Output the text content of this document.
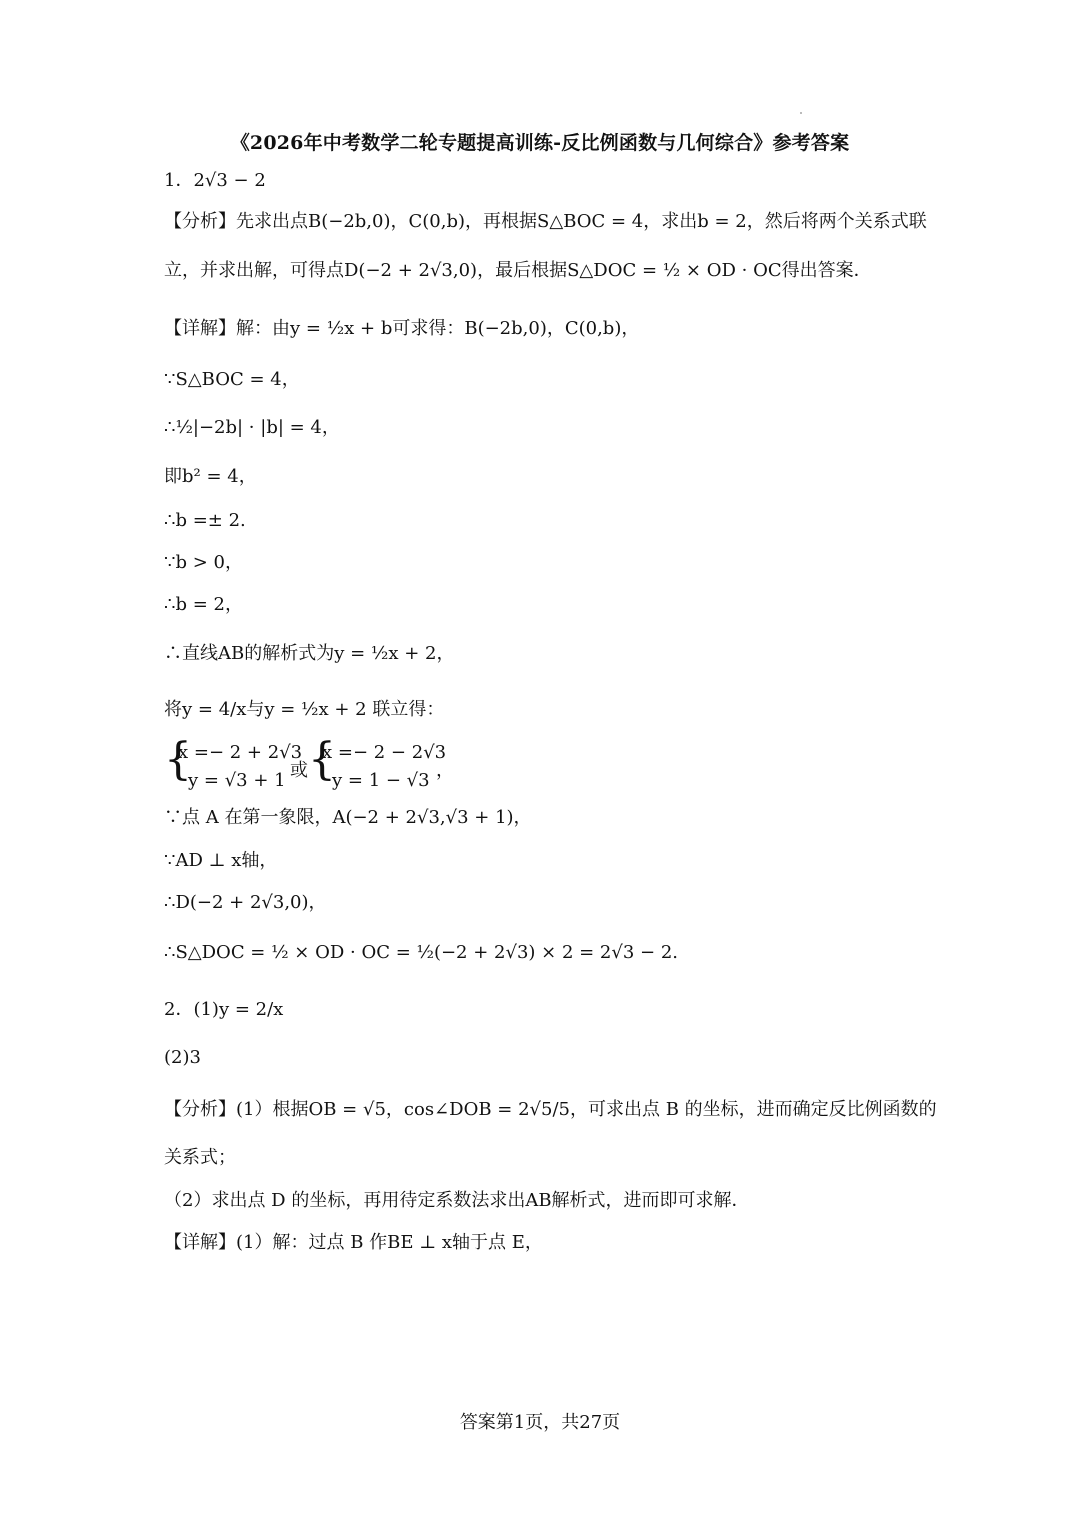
《2026年中考数学二轮专题提高训练-反比例函数与几何综合》参考答案
1．2√3 − 2
【分析】先求出点B(−2b,0)，C(0,b)，再根据S△BOC = 4，求出b = 2，然后将两个关系式联
立，并求出解，可得点D(−2 + 2√3,0)，最后根据S△DOC = ½ × OD · OC得出答案．
【详解】解：由y = ½x + b可求得：B(−2b,0)，C(0,b)，
∵S△BOC = 4，
∴½|−2b| · |b| = 4，
即b² = 4，
∴b =± 2.
∵b > 0，
∴b = 2，
∴直线AB的解析式为y = ½x + 2，
将y = 4/x与y = ½x + 2 联立得：
{
x =− 2 + 2√3
y = √3 + 1 或 {
x =− 2 − 2√3
y = 1 − √3 ，
∵点 A 在第一象限，A(−2 + 2√3,√3 + 1)，
∵AD ⊥ x轴，
∴D(−2 + 2√3,0)，
∴S△DOC = ½ × OD · OC = ½(−2 + 2√3) × 2 = 2√3 − 2.
2．(1)y = 2/x
(2)3
【分析】(1）根据OB = √5，cos∠DOB = 2√5/5，可求出点 B 的坐标，进而确定反比例函数的
关系式；
（2）求出点 D 的坐标，再用待定系数法求出AB解析式，进而即可求解．
【详解】(1）解：过点 B 作BE ⊥ x轴于点 E，
答案第1页，共27页
